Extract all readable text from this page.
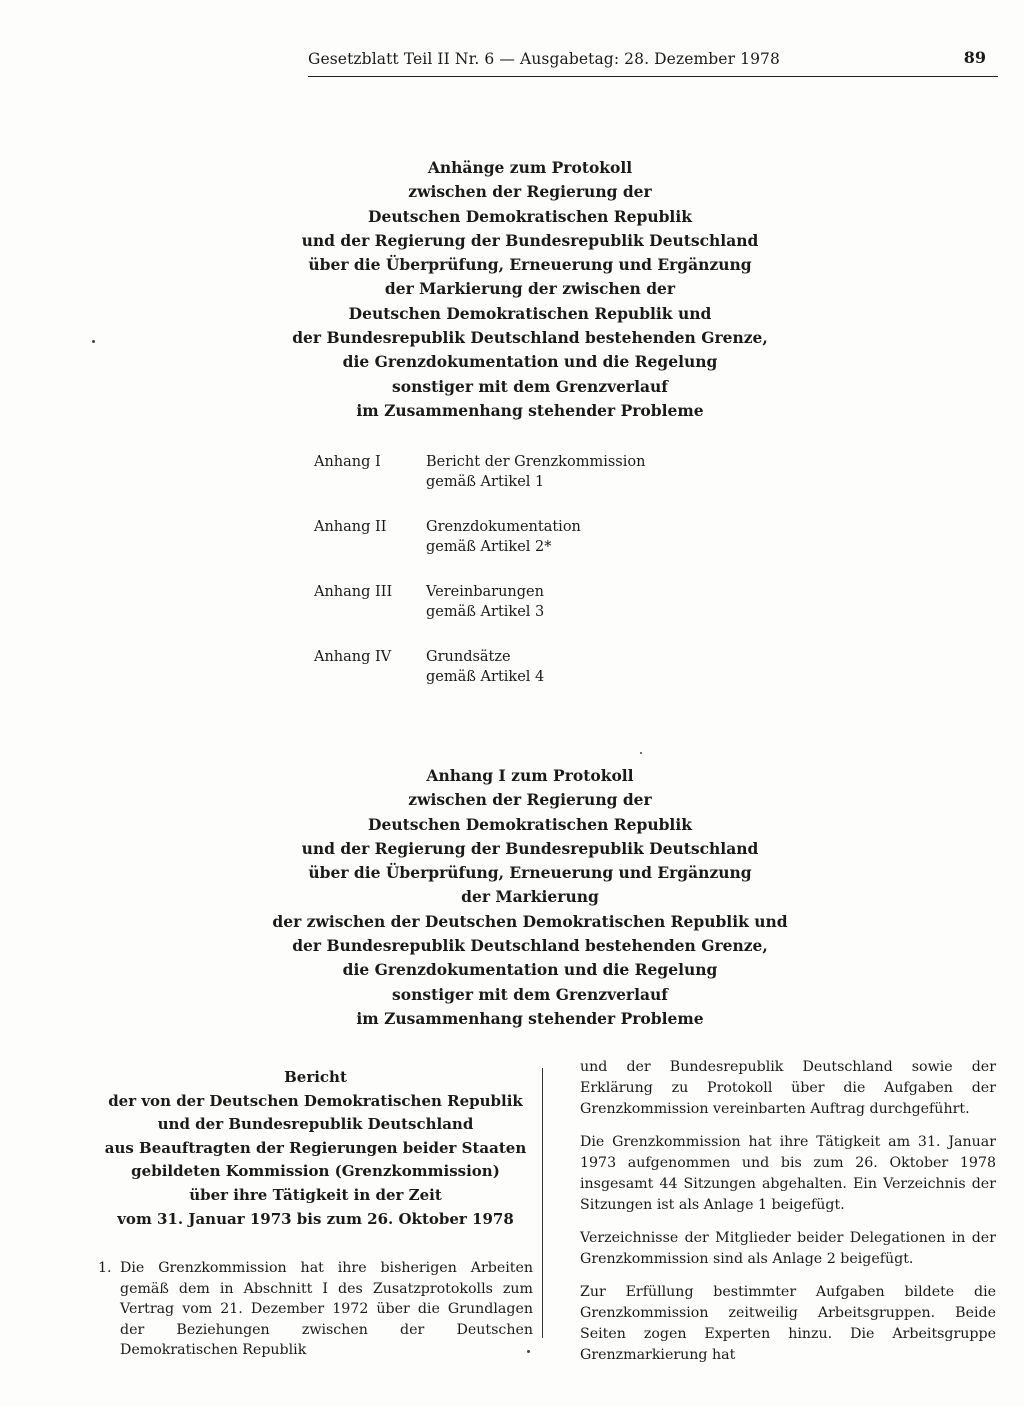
Gesetzblatt Teil II Nr. 6 — Ausgabetag: 28. Dezember 1978	89
Anhänge zum Protokoll
zwischen der Regierung der
Deutschen Demokratischen Republik
und der Regierung der Bundesrepublik Deutschland
über die Überprüfung, Erneuerung und Ergänzung
der Markierung der zwischen der
Deutschen Demokratischen Republik und
der Bundesrepublik Deutschland bestehenden Grenze,
die Grenzdokumentation und die Regelung
sonstiger mit dem Grenzverlauf
im Zusammenhang stehender Probleme
Anhang I	Bericht der Grenzkommission
gemäß Artikel 1
Anhang II	Grenzdokumentation
gemäß Artikel 2*
Anhang III	Vereinbarungen
gemäß Artikel 3
Anhang IV	Grundsätze
gemäß Artikel 4
Anhang I zum Protokoll
zwischen der Regierung der
Deutschen Demokratischen Republik
und der Regierung der Bundesrepublik Deutschland
über die Überprüfung, Erneuerung und Ergänzung
der Markierung
der zwischen der Deutschen Demokratischen Republik und
der Bundesrepublik Deutschland bestehenden Grenze,
die Grenzdokumentation und die Regelung
sonstiger mit dem Grenzverlauf
im Zusammenhang stehender Probleme
Bericht
der von der Deutschen Demokratischen Republik
und der Bundesrepublik Deutschland
aus Beauftragten der Regierungen beider Staaten
gebildeten Kommission (Grenzkommission)
über ihre Tätigkeit in der Zeit
vom 31. Januar 1973 bis zum 26. Oktober 1978
1. Die Grenzkommission hat ihre bisherigen Arbeiten gemäß dem in Abschnitt I des Zusatzprotokolls zum Vertrag vom 21. Dezember 1972 über die Grundlagen der Beziehungen zwischen der Deutschen Demokratischen Republik

und der Bundesrepublik Deutschland sowie der Erklärung zu Protokoll über die Aufgaben der Grenzkommission vereinbarten Auftrag durchgeführt.

Die Grenzkommission hat ihre Tätigkeit am 31. Januar 1973 aufgenommen und bis zum 26. Oktober 1978 insgesamt 44 Sitzungen abgehalten. Ein Verzeichnis der Sitzungen ist als Anlage 1 beigefügt.

Verzeichnisse der Mitglieder beider Delegationen in der Grenzkommission sind als Anlage 2 beigefügt.

Zur Erfüllung bestimmter Aufgaben bildete die Grenzkommission zeitweilig Arbeitsgruppen. Beide Seiten zogen Experten hinzu. Die Arbeitsgruppe Grenzmarkierung hat
